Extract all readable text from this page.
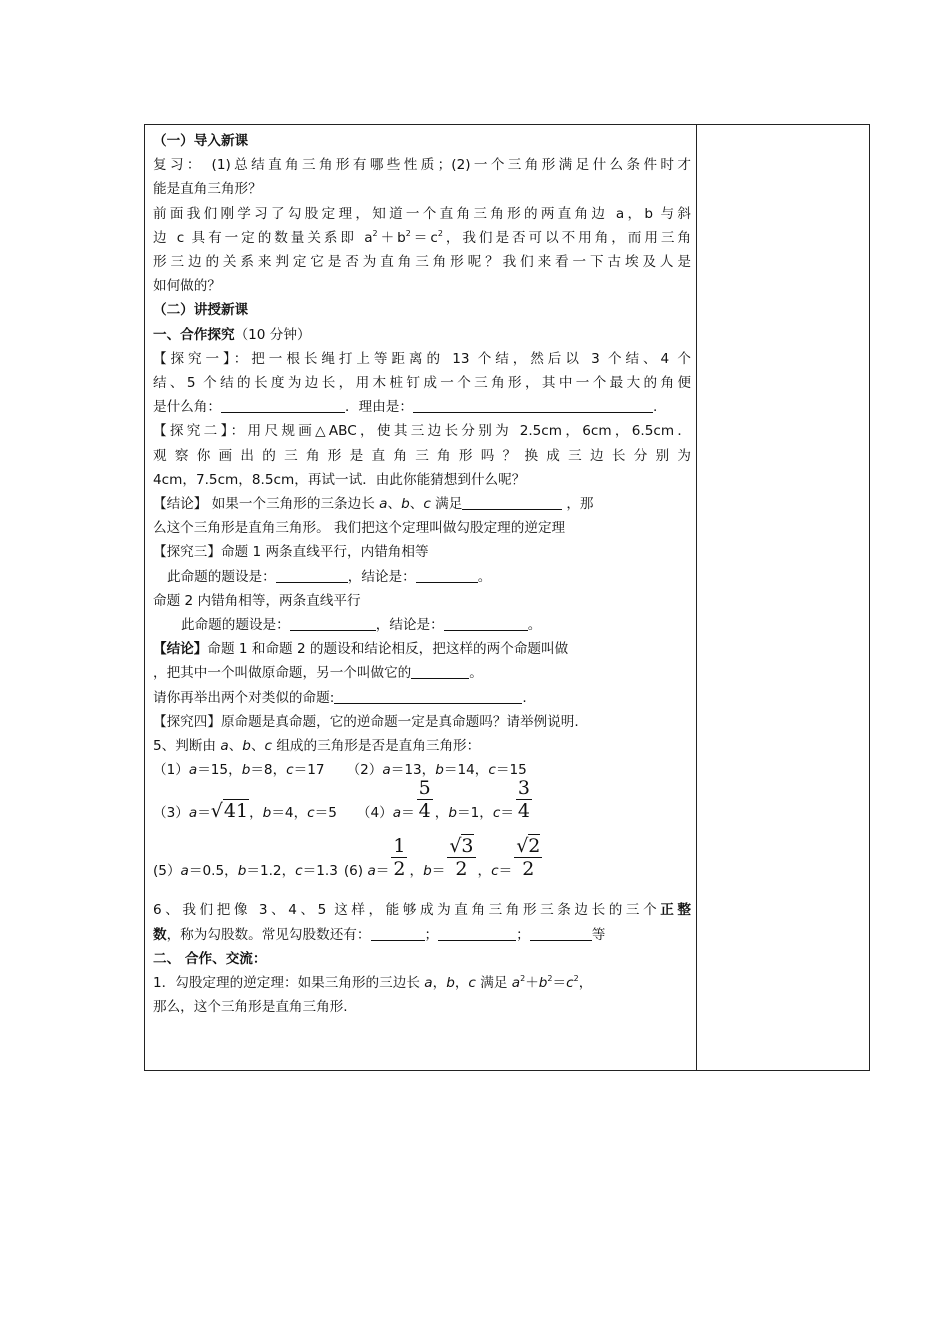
（一）导入新课
复习： (1)总结直角三角形有哪些性质；(2)一个三角形满足什么条件时才
能是直角三角形？
前面我们刚学习了勾股定理，知道一个直角三角形的两直角边 a，b 与斜
边 c 具有一定的数量关系即 $a^2+b^2=c^2$，我们是否可以不用角，而用三角
形三边的关系来判定它是否为直角三角形呢？我们来看一下古埃及人是
如何做的？
（二）讲授新课
一、合作探究（10 分钟）
【探究一】：把一根长绳打上等距离的 13 个结，然后以 3 个结、4 个
结、5 个结的长度为边长，用木桩钉成一个三角形，其中一个最大的角便
是什么角：	．理由是：	.
【探究二】：用尺规画△ABC，使其三边长分别为 2.5cm，6cm，6.5cm．
观 察 你 画 出 的 三 角 形 是 直 角 三 角 形 吗 ？ 换 成 三 边 长 分 别 为
4cm，7.5cm，8.5cm，再试一试．由此你能猜想到什么呢？
【结论】 如果一个三角形的三条边长 a、b、c 满足	，那
么这个三角形是直角三角形。 我们把这个定理叫做勾股定理的逆定理
【探究三】命题 1 两条直线平行，内错角相等
此命题的题设是：	，结论是：	。
命题 2 内错角相等，两条直线平行
此命题的题设是：	，结论是：	。
【结论】命题 1 和命题 2 的题设和结论相反，把这样的两个命题叫做
，把其中一个叫做原命题，另一个叫做它的	。
请你再举出两个对类似的命题:	.
【探究四】原命题是真命题，它的逆命题一定是真命题吗？请举例说明.
5、判断由 a、b、c 组成的三角形是否是直角三角形：
（1）a＝15，b＝8，c＝17 （2）a＝13，b＝14，c＝15
（3）a＝√41，b＝4，c＝5 $(4)a= \frac{5}{4}$ ，b＝1，$c= \frac{3}{4}$
(5）a＝0.5，b＝1.2，c＝1.3 (6) $a= \frac{1}{2}$ ，$b= \frac{√3}{2}$ ，$c= \frac{√2}{2}$
6、我们把像 3、4、5 这样，能够成为直角三角形三条边长的三个正整
数，称为勾股数。常见勾股数还有：	；	；	等
二、 合作、交流：
1．勾股定理的逆定理：如果三角形的三边长 a，b，c 满足 $a^2+b^2=c^2$，
那么，这个三角形是直角三角形.
